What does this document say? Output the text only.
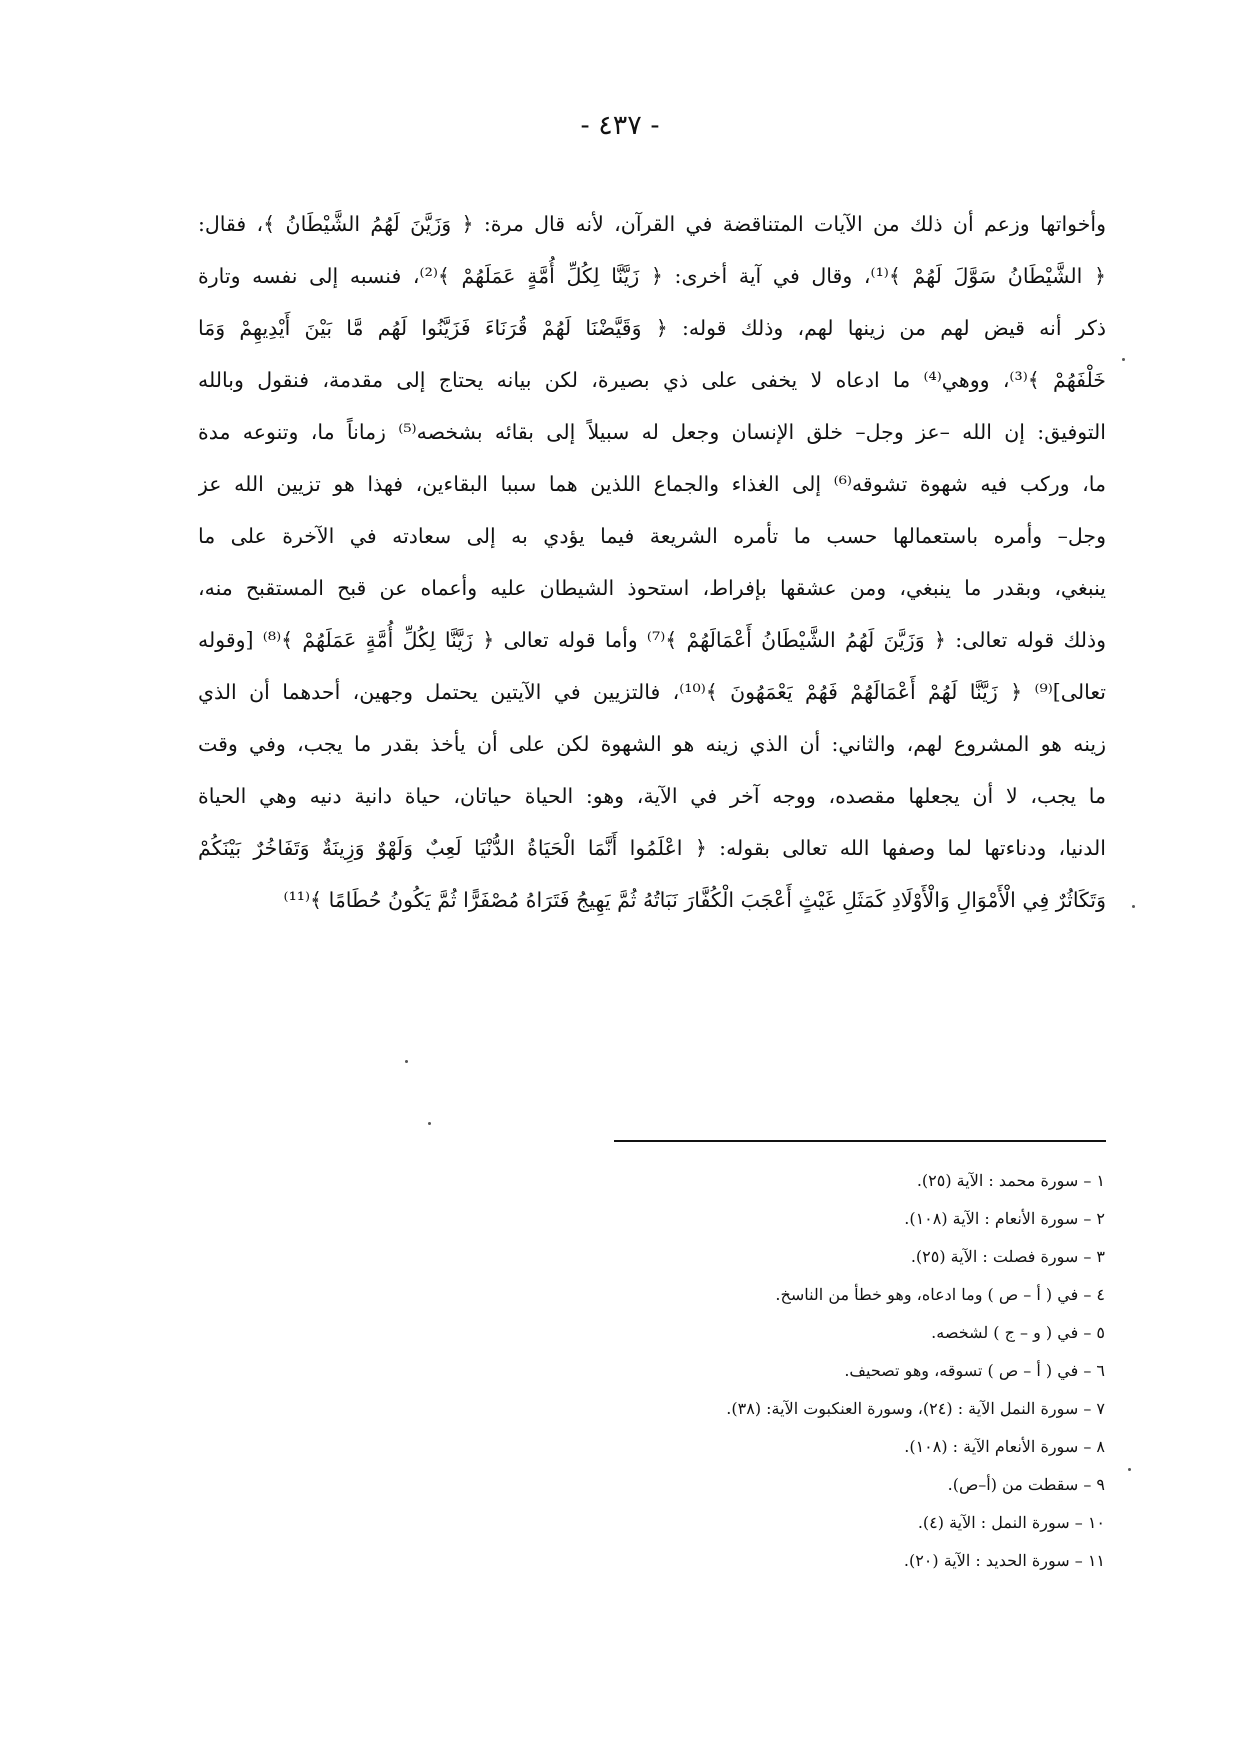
- ٤٣٧ -
وأخواتها وزعم أن ذلك من الآيات المتناقضة في القرآن، لأنه قال مرة: ﴿ وَزَيَّنَ لَهُمُ الشَّيْطَانُ ﴾، فقال:
﴿ الشَّيْطَانُ سَوَّلَ لَهُمْ ﴾⁽¹⁾، وقال في آية أخرى: ﴿ زَيَّنَّا لِكُلِّ أُمَّةٍ عَمَلَهُمْ ﴾⁽²⁾، فنسبه إلى نفسه وتارة
ذكر أنه قيض لهم من زينها لهم، وذلك قوله: ﴿ وَقَيَّضْنَا لَهُمْ قُرَنَاءَ فَزَيَّنُوا لَهُم مَّا بَيْنَ أَيْدِيهِمْ وَمَا
خَلْفَهُمْ ﴾⁽³⁾، ووهي⁽⁴⁾ ما ادعاه لا يخفى على ذي بصيرة، لكن بيانه يحتاج إلى مقدمة، فنقول وبالله
التوفيق: إن الله –عز وجل– خلق الإنسان وجعل له سبيلاً إلى بقائه بشخصه⁽⁵⁾ زماناً ما، وتنوعه مدة
ما، وركب فيه شهوة تشوقه⁽⁶⁾ إلى الغذاء والجماع اللذين هما سببا البقاءين، فهذا هو تزيين الله عز
وجل– وأمره باستعمالها حسب ما تأمره الشريعة فيما يؤدي به إلى سعادته في الآخرة على ما
ينبغي، وبقدر ما ينبغي، ومن عشقها بإفراط، استحوذ الشيطان عليه وأعماه عن قبح المستقبح منه،
وذلك قوله تعالى: ﴿ وَزَيَّنَ لَهُمُ الشَّيْطَانُ أَعْمَالَهُمْ ﴾⁽⁷⁾ وأما قوله تعالى ﴿ زَيَّنَّا لِكُلِّ أُمَّةٍ عَمَلَهُمْ ﴾⁽⁸⁾ [وقوله
تعالى]⁽⁹⁾ ﴿ زَيَّنَّا لَهُمْ أَعْمَالَهُمْ فَهُمْ يَعْمَهُونَ ﴾⁽¹⁰⁾، فالتزيين في الآيتين يحتمل وجهين، أحدهما أن الذي
زينه هو المشروع لهم، والثاني: أن الذي زينه هو الشهوة لكن على أن يأخذ بقدر ما يجب، وفي وقت
ما يجب، لا أن يجعلها مقصده، ووجه آخر في الآية، وهو: الحياة حياتان، حياة دانية دنيه وهي الحياة
الدنيا، ودناءتها لما وصفها الله تعالى بقوله: ﴿ اعْلَمُوا أَنَّمَا الْحَيَاةُ الدُّنْيَا لَعِبٌ وَلَهْوٌ وَزِينَةٌ وَتَفَاخُرٌ بَيْنَكُمْ
وَتَكَاثُرٌ فِي الْأَمْوَالِ وَالْأَوْلَادِ كَمَثَلِ غَيْثٍ أَعْجَبَ الْكُفَّارَ نَبَاتُهُ ثُمَّ يَهِيجُ فَتَرَاهُ مُصْفَرًّا ثُمَّ يَكُونُ حُطَامًا ﴾⁽¹¹⁾
١ – سورة محمد : الآية (٢٥).
٢ – سورة الأنعام : الآية (١٠٨).
٣ – سورة فصلت : الآية (٢٥).
٤ – في ( أ – ص ) وما ادعاه، وهو خطأ من الناسخ.
٥ – في ( و – ج ) لشخصه.
٦ – في ( أ – ص ) تسوقه، وهو تصحيف.
٧ – سورة النمل الآية : (٢٤)، وسورة العنكبوت الآية: (٣٨).
٨ – سورة الأنعام الآية : (١٠٨).
٩ – سقطت من (أ–ص).
١٠ – سورة النمل : الآية (٤).
١١ – سورة الحديد : الآية (٢٠).
